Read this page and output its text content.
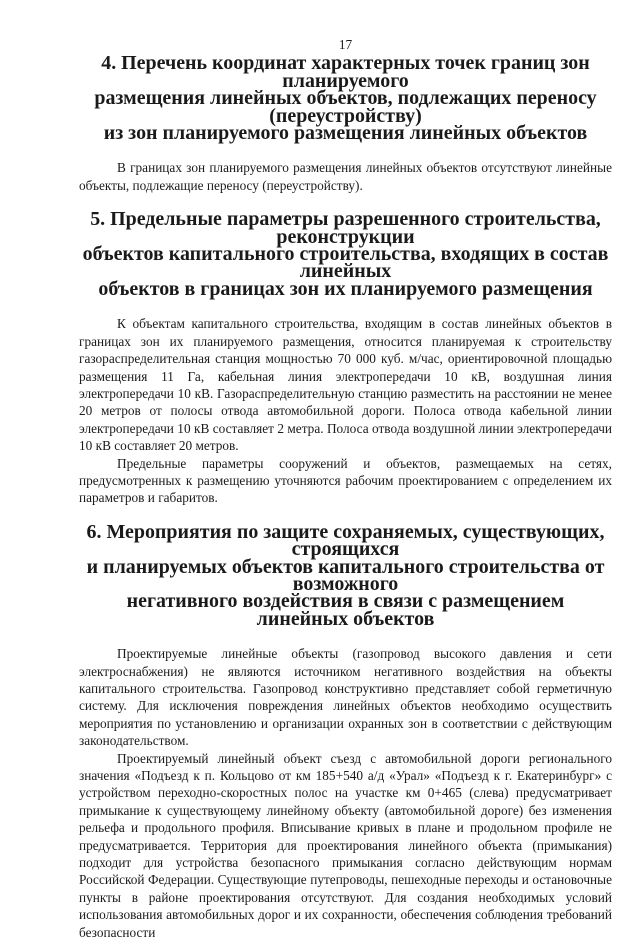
17

4. Перечень координат характерных точек границ зон планируемого
размещения линейных объектов, подлежащих переносу (переустройству)
из зон планируемого размещения линейных объектов

В границах зон планируемого размещения линейных объектов отсутствуют линейные объекты, подлежащие переносу (переустройству).

5. Предельные параметры разрешенного строительства, реконструкции
объектов капитального строительства, входящих в состав линейных
объектов в границах зон их планируемого размещения

К объектам капитального строительства, входящим в состав линейных объектов в границах зон их планируемого размещения, относится планируемая к строительству газораспределительная станция мощностью 70 000 куб. м/час, ориентировочной площадью размещения 11 Га, кабельная линия электропередачи 10 кВ, воздушная линия электропередачи 10 кВ. Газораспределительную станцию разместить на расстоянии не менее 20 метров от полосы отвода автомобильной дороги. Полоса отвода кабельной линии электропередачи 10 кВ составляет 2 метра. Полоса отвода воздушной линии электропередачи 10 кВ составляет 20 метров.

Предельные параметры сооружений и объектов, размещаемых на сетях, предусмотренных к размещению уточняются рабочим проектированием с определением их параметров и габаритов.

6. Мероприятия по защите сохраняемых, существующих, строящихся
и планируемых объектов капитального строительства от возможного
негативного воздействия в связи с размещением линейных объектов

Проектируемые линейные объекты (газопровод высокого давления и сети электроснабжения) не являются источником негативного воздействия на объекты капитального строительства. Газопровод конструктивно представляет собой герметичную систему. Для исключения повреждения линейных объектов необходимо осуществить мероприятия по установлению и организации охранных зон в соответствии с действующим законодательством.

Проектируемый линейный объект съезд с автомобильной дороги регионального значения «Подъезд к п. Кольцово от км 185+540 а/д «Урал» «Подъезд к г. Екатеринбург» с устройством переходно-скоростных полос на участке км 0+465 (слева) предусматривает примыкание к существующему линейному объекту (автомобильной дороге) без изменения рельефа и продольного профиля. Вписывание кривых в плане и продольном профиле не предусматривается. Территория для проектирования линейного объекта (примыкания) подходит для устройства безопасного примыкания согласно действующим нормам Российской Федерации. Существующие путепроводы, пешеходные переходы и остановочные пункты в районе проектирования отсутствуют. Для создания необходимых условий использования автомобильных дорог и их сохранности, обеспечения соблюдения требований безопасности
